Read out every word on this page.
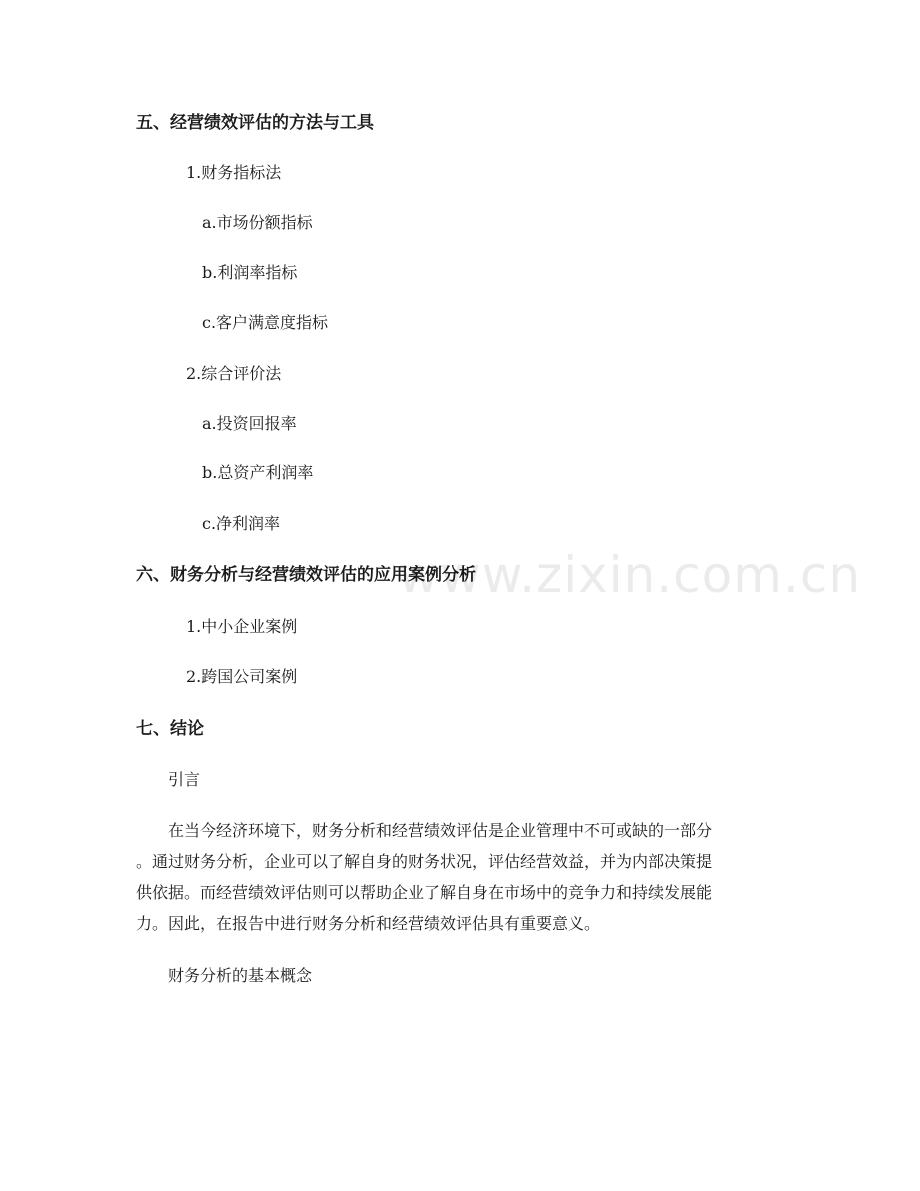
五、经营绩效评估的方法与工具
1.财务指标法
a.市场份额指标
b.利润率指标
c.客户满意度指标
2.综合评价法
a.投资回报率
b.总资产利润率
c.净利润率
六、财务分析与经营绩效评估的应用案例分析
1.中小企业案例
2.跨国公司案例
七、结论
引言
在当今经济环境下，财务分析和经营绩效评估是企业管理中不可或缺的一部分
。通过财务分析，企业可以了解自身的财务状况，评估经营效益，并为内部决策提
供依据。而经营绩效评估则可以帮助企业了解自身在市场中的竞争力和持续发展能
力。因此，在报告中进行财务分析和经营绩效评估具有重要意义。
财务分析的基本概念
www.zixin.com.cn
